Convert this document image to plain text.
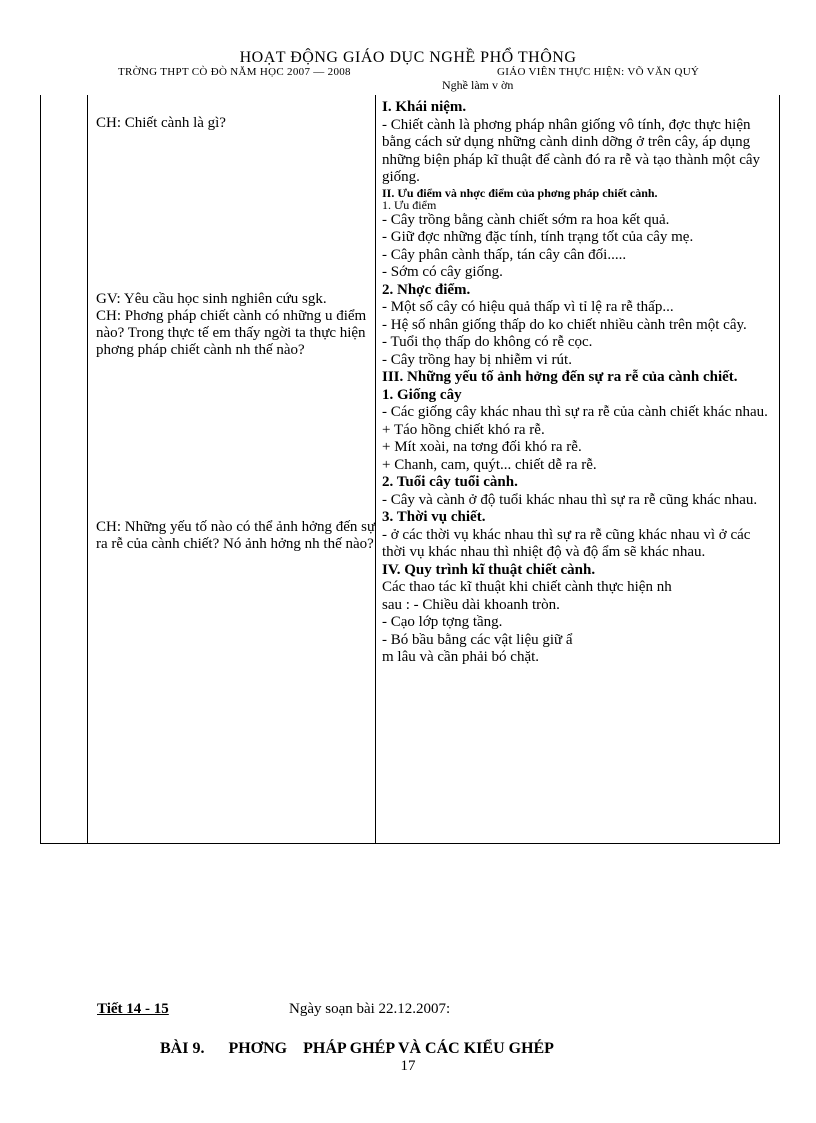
HOẠT ĐỘNG GIÁO DỤC NGHỀ PHỔ THÔNG
TRỜNG THPT CÒ ĐÒ NĂM HỌC 2007 — 2008	GIÁO VIÊN THỰC HIỆN: VÕ VĂN QUÝ
Nghề làm v ờn
CH: Chiết cành là gì?
GV: Yêu cầu học sinh nghiên cứu sgk.
CH: Phơng pháp chiết cành có những u điểm nào? Trong thực tế em thấy ngời ta thực hiện phơng pháp chiết cành nh thế nào?
CH: Những yếu tố nào có thể ảnh hởng đến sự ra rễ của cành chiết? Nó ảnh hởng nh thế nào?
I. Khái niệm.
- Chiết cành là phơng pháp nhân giống vô tính, đợc thực hiện bằng cách sử dụng những cành dinh dỡng ở trên cây, áp dụng những biện pháp kĩ thuật để cành đó ra rễ và tạo thành một cây giống.
II. Ưu điểm và nhợc điểm của phơng pháp chiết cành.
1. Ưu điểm
- Cây trồng bằng cành chiết sớm ra hoa kết quả.
- Giữ đợc những đặc tính, tính trạng tốt của cây mẹ.
- Cây phân cành thấp, tán cây cân đối.....
- Sớm có cây giống.
2. Nhợc điểm.
- Một số cây có hiệu quả thấp vì tỉ lệ ra rễ thấp...
- Hệ số nhân giống thấp do ko chiết nhiều cành trên một cây.
- Tuổi thọ thấp do không có rễ cọc.
- Cây trồng hay bị nhiễm vi rút.
III. Những yếu tố ảnh hởng đến sự ra rễ của cành chiết.
1. Giống cây
- Các giống cây khác nhau thì sự ra rễ của cành chiết khác nhau.
+ Táo hồng chiết khó ra rễ.
+ Mít xoài, na tơng đối khó ra rễ.
+ Chanh, cam, quýt... chiết dễ ra rễ.
2. Tuổi cây tuổi cành.
- Cây và cành ở độ tuổi khác nhau thì sự ra rễ cũng khác nhau.
3. Thời vụ chiết.
- ở các thời vụ khác nhau thì sự ra rễ cũng khác nhau vì ở các thời vụ khác nhau thì nhiệt độ và độ ẩm sẽ khác nhau.
IV. Quy trình kĩ thuật chiết cành.
Các thao tác kĩ thuật khi chiết cành thực hiện nh
sau : - Chiều dài khoanh tròn.
- Cạo lớp tợng tầng.
- Bó bầu bằng các vật liệu giữ ẩ
m lâu và cần phải bó chặt.
Tiết 14 - 15	Ngày soạn bài 22.12.2007:
BÀI 9.      PHƠNG    PHÁP GHÉP VÀ CÁC KIỂU GHÉP
17
